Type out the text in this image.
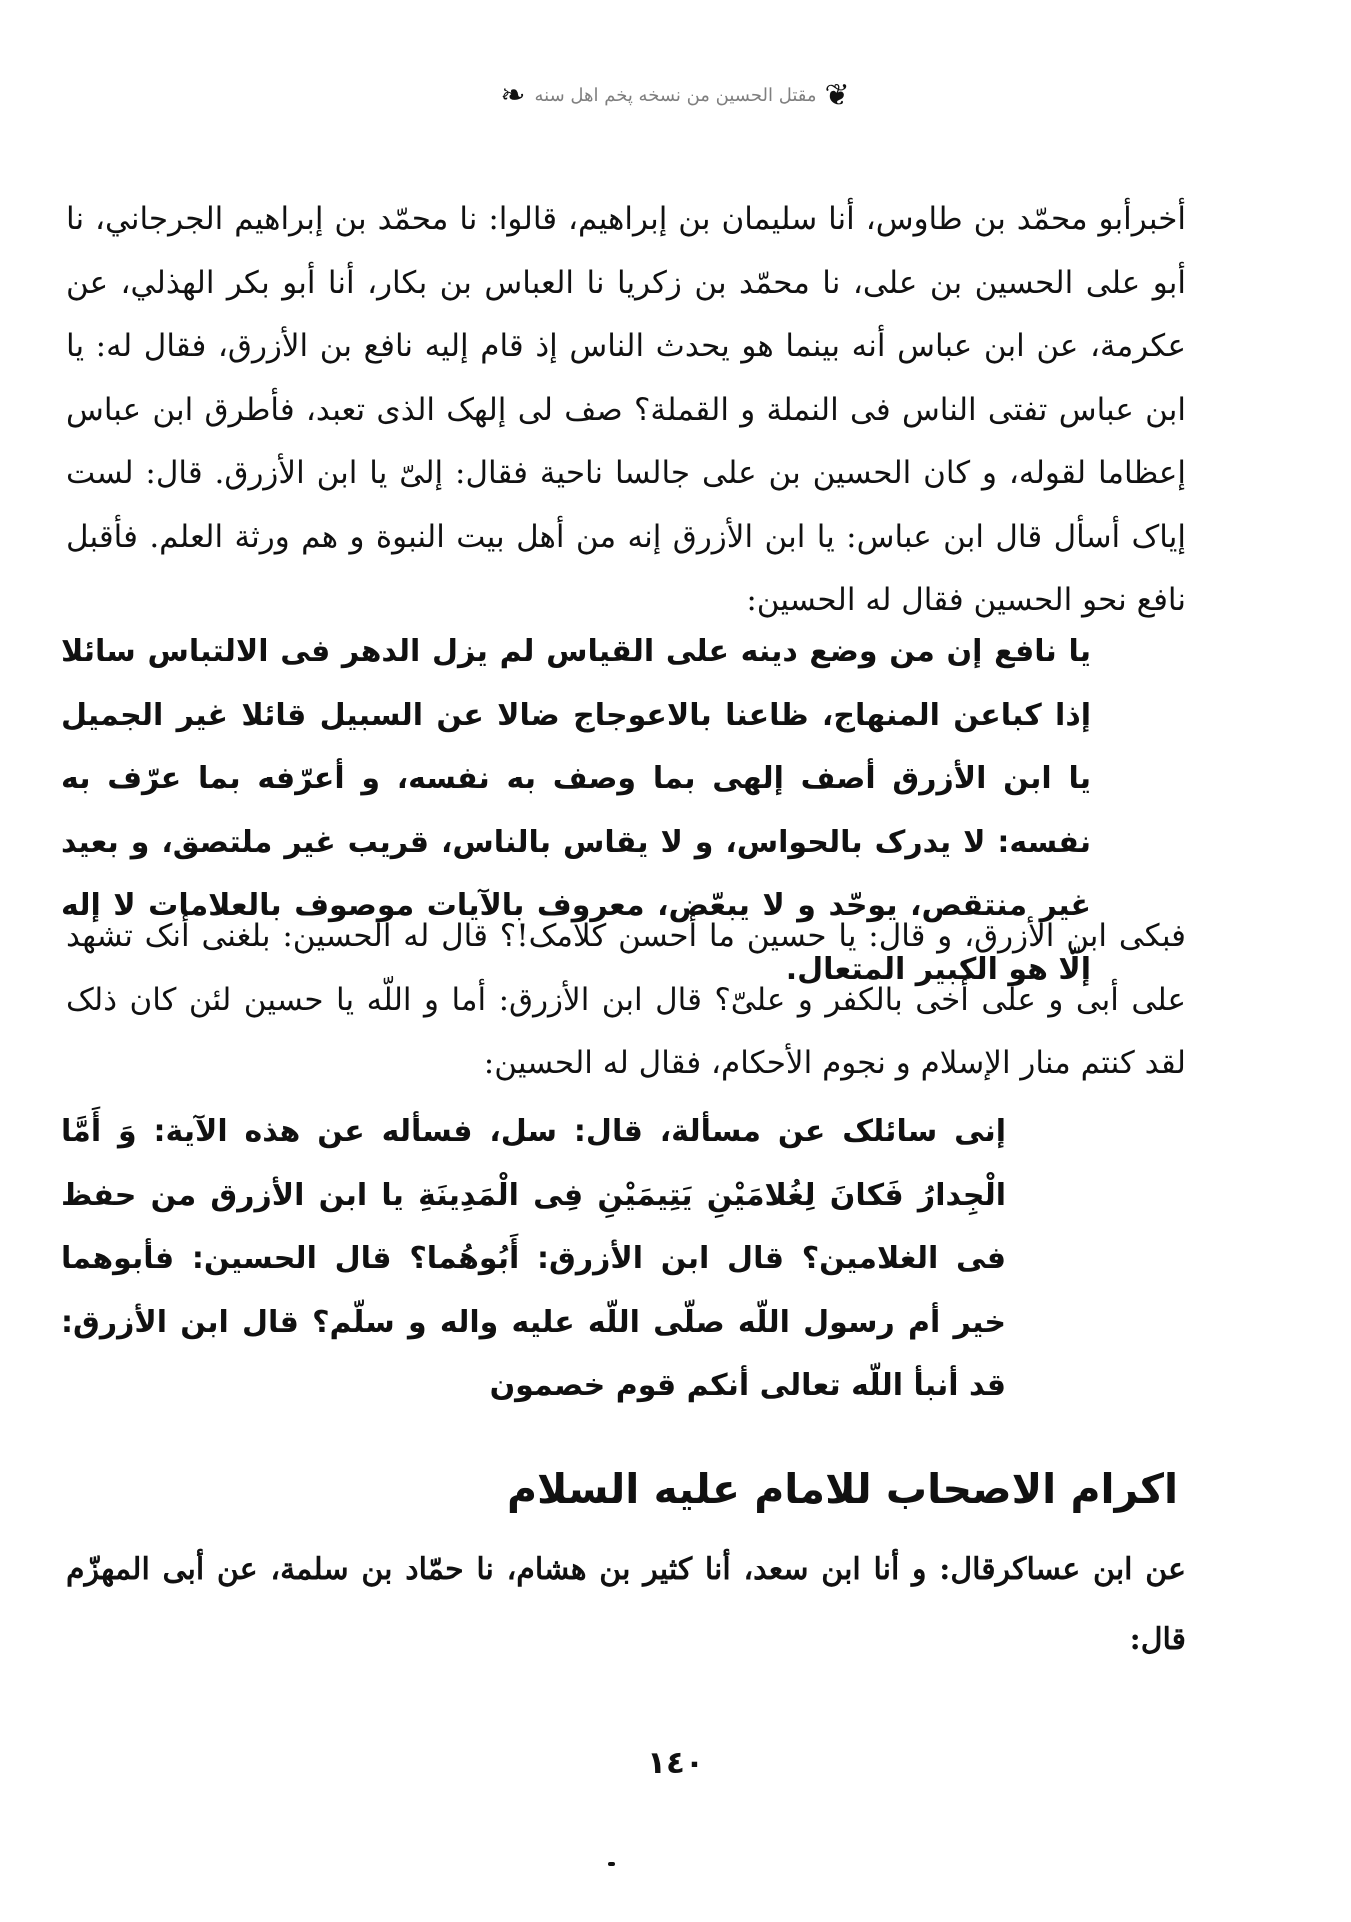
❦مقتل الحسين من نسخه پخم اهل سنه❧
أخبرأبو محمّد بن طاوس، أنا سليمان بن إبراهيم، قالوا: نا محمّد بن إبراهيم الجرجاني، نا أبو على الحسين بن على، نا محمّد بن زكريا نا العباس بن بكار، أنا أبو بكر الهذلي، عن عكرمة، عن ابن عباس أنه بينما هو يحدث الناس إذ قام إليه نافع بن الأزرق، فقال له: يا ابن عباس تفتى الناس فى النملة و القملة؟ صف لى إلهک الذى تعبد، فأطرق ابن عباس إعظاما لقوله، و كان الحسين بن على جالسا ناحية فقال: إلىّ يا ابن الأزرق. قال: لست إياک أسأل قال ابن عباس: يا ابن الأزرق إنه من أهل بيت النبوة و هم ورثة العلم. فأقبل نافع نحو الحسين فقال له الحسين:
يا نافع إن من وضع دينه على القياس لم يزل الدهر فى الالتباس سائلا إذا كباعن المنهاج، ظاعنا بالاعوجاج ضالا عن السبيل قائلا غير الجميل يا ابن الأزرق أصف إلهى بما وصف به نفسه، و أعرّفه بما عرّف به نفسه: لا يدرک بالحواس، و لا يقاس بالناس، قريب غير ملتصق، و بعيد غير منتقص، يوحّد و لا يبعّض، معروف بالآيات موصوف بالعلامات لا إله إلّا هو الكبير المتعال.
فبكى ابن الأزرق، و قال: يا حسين ما أحسن كلامک!؟ قال له الحسين: بلغنى أنک تشهد على أبى و على أخى بالكفر و علىّ؟ قال ابن الأزرق: أما و اللّه يا حسين لئن كان ذلک لقد كنتم منار الإسلام و نجوم الأحكام، فقال له الحسين:
إنى سائلک عن مسألة، قال: سل، فسأله عن هذه الآية: وَ أَمَّا الْجِدارُ فَكانَ لِغُلامَيْنِ يَتِيمَيْنِ فِى الْمَدِينَةِ يا ابن الأزرق من حفظ فى الغلامين؟ قال ابن الأزرق: أَبُوهُما؟ قال الحسين: فأبوهما خير أم رسول اللّه صلّى اللّه عليه واله و سلّم؟ قال ابن الأزرق: قد أنبأ اللّه تعالى أنكم قوم خصمون
اكرام الاصحاب للامام عليه السلام
عن ابن عساكرقال: و أنا ابن سعد، أنا كثير بن هشام، نا حمّاد بن سلمة، عن أبى المهزّم قال:
١٤٠
